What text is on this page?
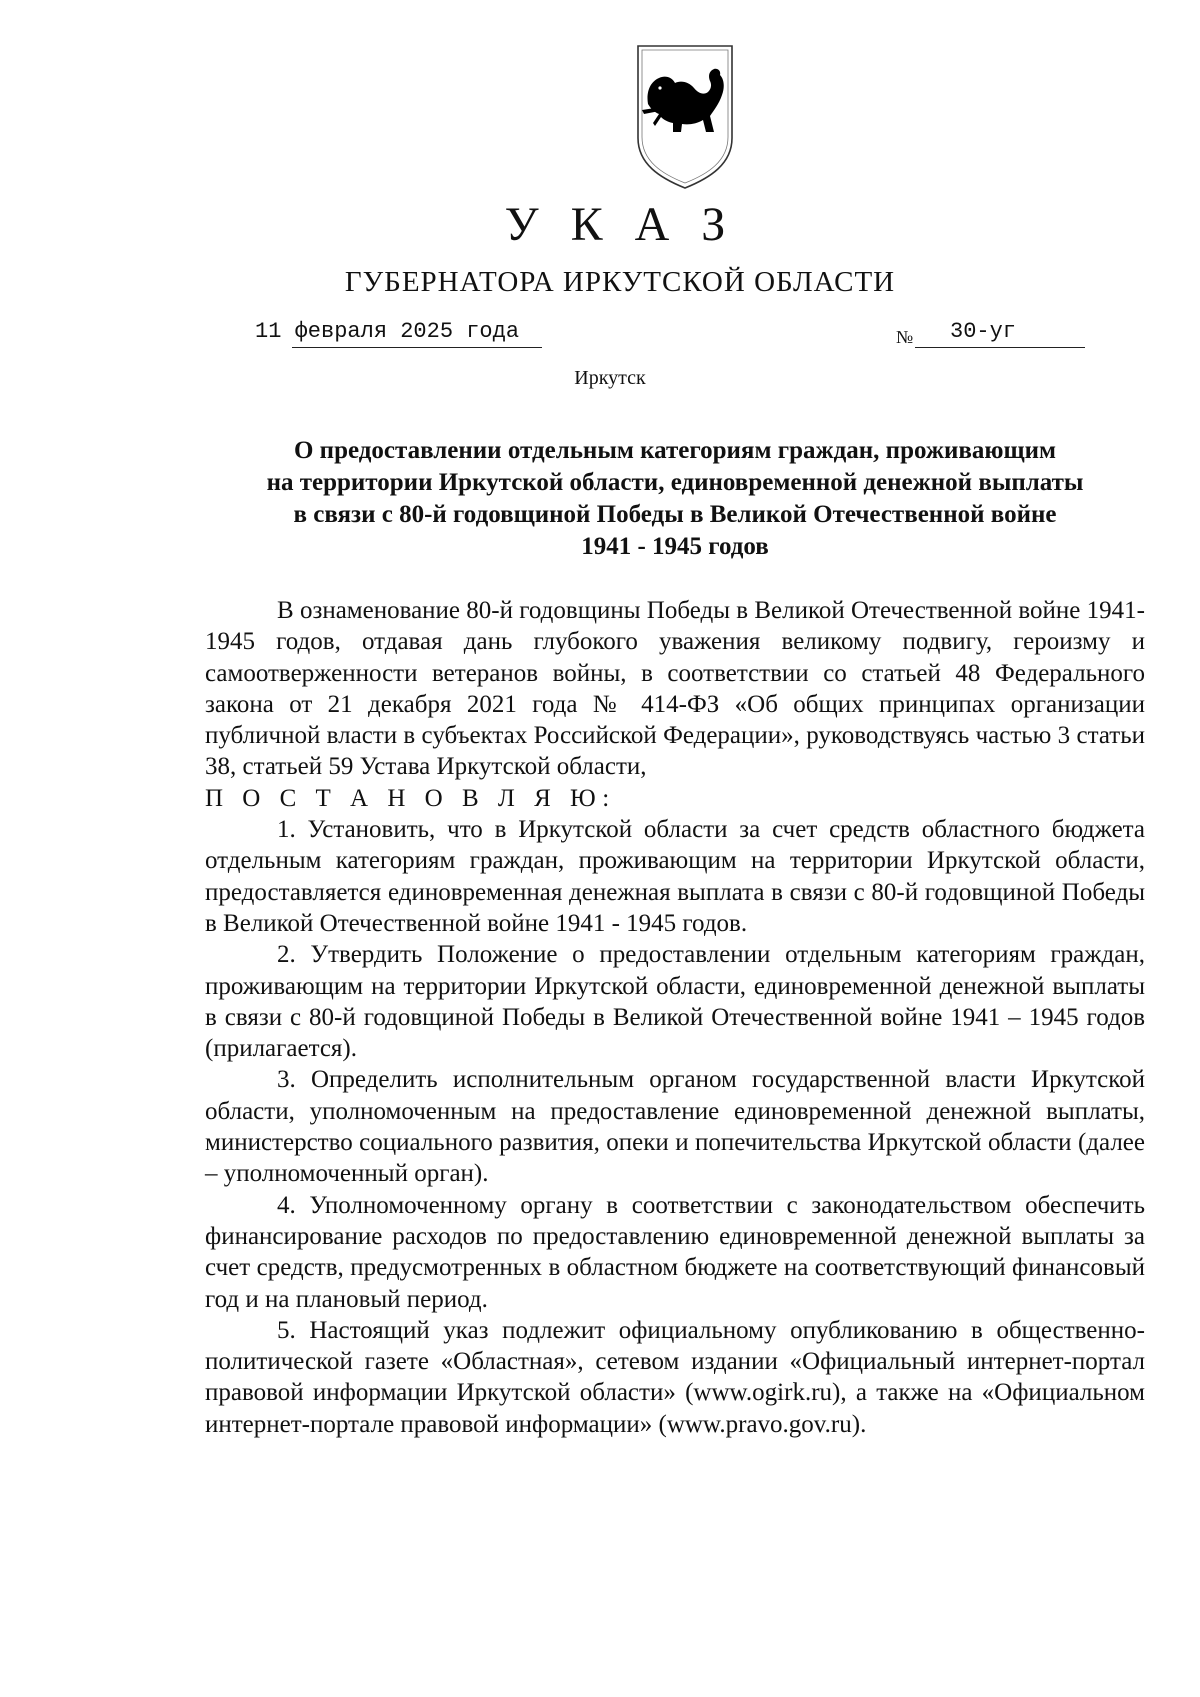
У К А З
ГУБЕРНАТОРА ИРКУТСКОЙ ОБЛАСТИ
11 февраля 2025 года	№ 30-уг
Иркутск
О предоставлении отдельным категориям граждан, проживающим
на территории Иркутской области, единовременной денежной выплаты
в связи с 80-й годовщиной Победы в Великой Отечественной войне
1941 - 1945 годов

В ознаменование 80-й годовщины Победы в Великой Отечественной войне 1941-1945 годов, отдавая дань глубокого уважения великому подвигу, героизму и самоотверженности ветеранов войны, в соответствии со статьей 48 Федерального закона от 21 декабря 2021 года № 414-ФЗ «Об общих принципах организации публичной власти в субъектах Российской Федерации», руководствуясь частью 3 статьи 38, статьей 59 Устава Иркутской области,

П О С Т А Н О В Л Я Ю:

1. Установить, что в Иркутской области за счет средств областного бюджета отдельным категориям граждан, проживающим на территории Иркутской области, предоставляется единовременная денежная выплата в связи с 80-й годовщиной Победы в Великой Отечественной войне 1941 - 1945 годов.

2. Утвердить Положение о предоставлении отдельным категориям граждан, проживающим на территории Иркутской области, единовременной денежной выплаты в связи с 80-й годовщиной Победы в Великой Отечественной войне 1941 – 1945 годов (прилагается).

3. Определить исполнительным органом государственной власти Иркутской области, уполномоченным на предоставление единовременной денежной выплаты, министерство социального развития, опеки и попечительства Иркутской области (далее – уполномоченный орган).

4. Уполномоченному органу в соответствии с законодательством обеспечить финансирование расходов по предоставлению единовременной денежной выплаты за счет средств, предусмотренных в областном бюджете на соответствующий финансовый год и на плановый период.

5. Настоящий указ подлежит официальному опубликованию в общественно-политической газете «Областная», сетевом издании «Официальный интернет-портал правовой информации Иркутской области» (www.ogirk.ru), а также на «Официальном интернет-портале правовой информации» (www.pravo.gov.ru).
